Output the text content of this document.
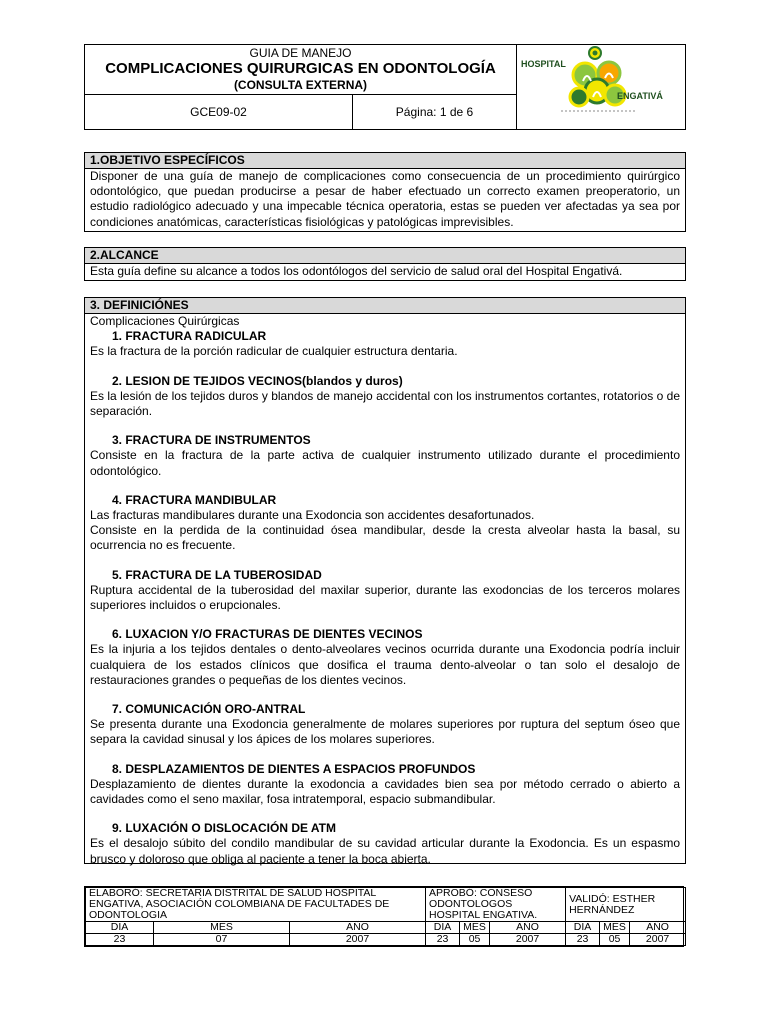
GUIA DE MANEJO
COMPLICACIONES QUIRURGICAS EN ODONTOLOGÍA
(CONSULTA EXTERNA)
GCE09-02	Página: 1 de 6
HOSPITAL
ENGATIVÁ
1.OBJETIVO ESPECÍFICOS
Disponer de una guía de manejo de complicaciones como consecuencia de un procedimiento quirúrgico odontológico, que puedan producirse a pesar de haber efectuado un correcto examen preoperatorio, un estudio radiológico adecuado y una impecable técnica operatoria, estas se pueden ver afectadas ya sea por condiciones anatómicas, características fisiológicas y patológicas imprevisibles.
2.ALCANCE
Esta guía define su alcance a todos los odontólogos del servicio de salud oral del Hospital Engativá.
3. DEFINICIÓNES
Complicaciones Quirúrgicas
1. FRACTURA RADICULAR
Es la fractura de la porción radicular de cualquier estructura dentaria.
2. LESION DE TEJIDOS VECINOS(blandos y duros)
Es la lesión de los tejidos duros y blandos de manejo accidental con los instrumentos cortantes, rotatorios o de separación.
3. FRACTURA DE INSTRUMENTOS
Consiste en la fractura de la parte activa de cualquier instrumento utilizado durante el procedimiento odontológico.
4. FRACTURA MANDIBULAR
Las fracturas mandibulares durante una Exodoncia son accidentes desafortunados.
Consiste en la perdida de la continuidad ósea mandibular, desde la cresta alveolar hasta la basal, su ocurrencia no es frecuente.
5. FRACTURA DE LA TUBEROSIDAD
Ruptura accidental de la tuberosidad del maxilar superior, durante las exodoncias de los terceros molares superiores incluidos o erupcionales.
6. LUXACION Y/O FRACTURAS DE DIENTES VECINOS
Es la injuria a los tejidos dentales o dento-alveolares vecinos ocurrida durante una Exodoncia podría incluir cualquiera de los estados clínicos que dosifica el trauma dento-alveolar o tan solo el desalojo de restauraciones grandes o pequeñas de los dientes vecinos.
7. COMUNICACIÓN ORO-ANTRAL
Se presenta durante una Exodoncia generalmente de molares superiores por ruptura del septum óseo que separa la cavidad sinusal y los ápices de los molares superiores.
8. DESPLAZAMIENTOS DE DIENTES A ESPACIOS PROFUNDOS
Desplazamiento de dientes durante la exodoncia a cavidades bien sea por método cerrado o abierto a cavidades como el seno maxilar, fosa intratemporal, espacio submandibular.
9. LUXACIÓN O DISLOCACIÓN DE ATM
Es el desalojo súbito del condilo mandibular de su cavidad articular durante la Exodoncia. Es un espasmo brusco y doloroso que obliga al paciente a tener la boca abierta.
ELABORÓ: SECRETARIA DISTRITAL DE SALUD HOSPITAL ENGATIVA, ASOCIACIÓN COLOMBIANA DE FACULTADES DE ODONTOLOGIA			APROBÓ: CONSESO ODONTOLOGOS HOSPITAL ENGATIVA.			VALIDÓ: ESTHER HERNÁNDEZ		
DIA	MES	AÑO	DIA	MES	AÑO	DIA	MES	AÑO
23	07	2007	23	05	2007	23	05	2007
